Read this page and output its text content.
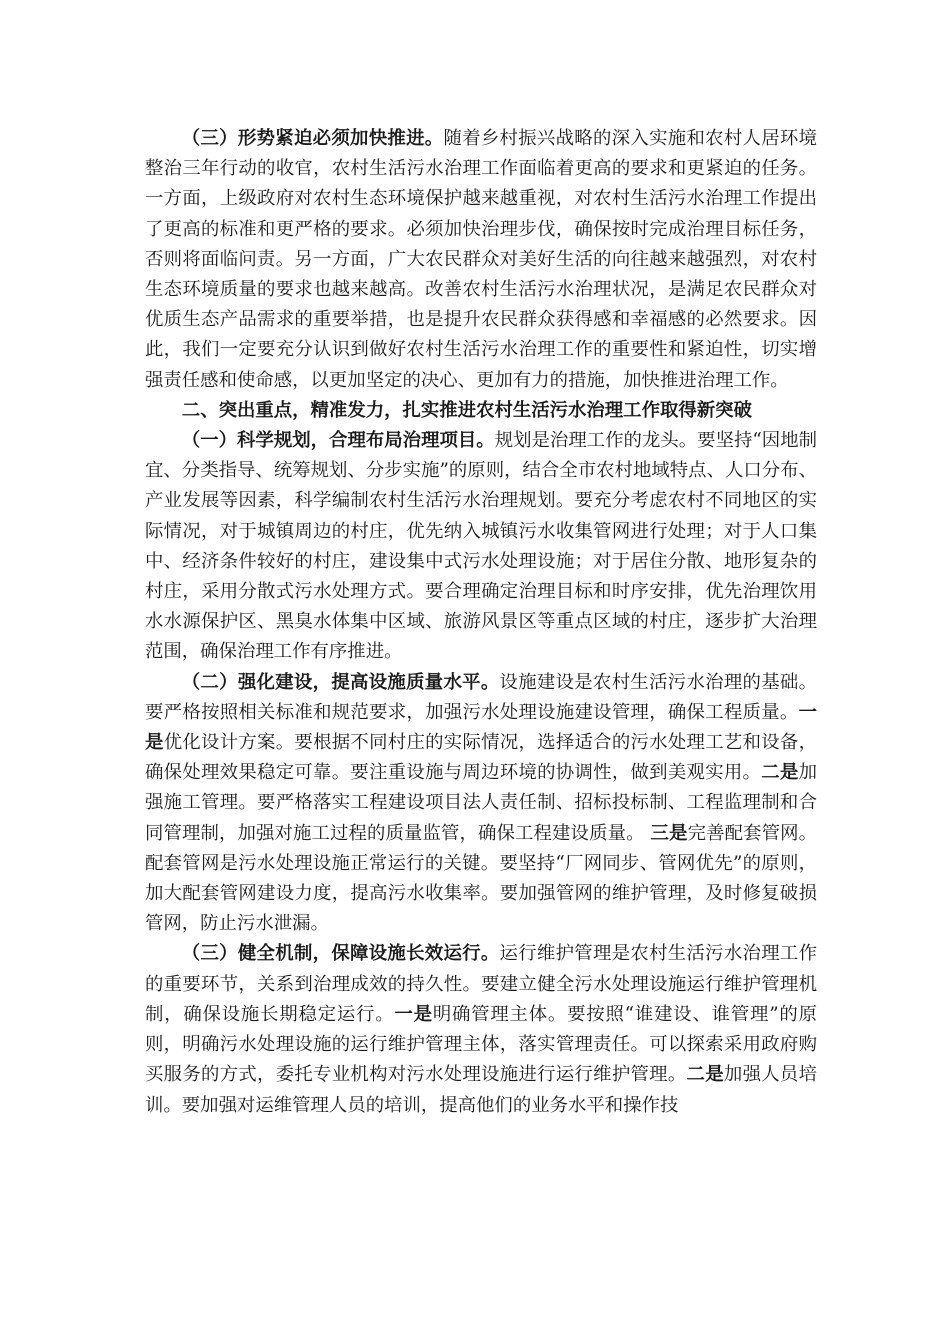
（三）形势紧迫必须加快推进。随着乡村振兴战略的深入实施和农村人居环境整治三年行动的收官，农村生活污水治理工作面临着更高的要求和更紧迫的任务。一方面，上级政府对农村生态环境保护越来越重视，对农村生活污水治理工作提出了更高的标准和更严格的要求。必须加快治理步伐，确保按时完成治理目标任务，否则将面临问责。另一方面，广大农民群众对美好生活的向往越来越强烈，对农村生态环境质量的要求也越来越高。改善农村生活污水治理状况，是满足农民群众对优质生态产品需求的重要举措，也是提升农民群众获得感和幸福感的必然要求。因此，我们一定要充分认识到做好农村生活污水治理工作的重要性和紧迫性，切实增强责任感和使命感，以更加坚定的决心、更加有力的措施，加快推进治理工作。

二、突出重点，精准发力，扎实推进农村生活污水治理工作取得新突破

（一）科学规划，合理布局治理项目。规划是治理工作的龙头。要坚持“因地制宜、分类指导、统筹规划、分步实施”的原则，结合全市农村地域特点、人口分布、产业发展等因素，科学编制农村生活污水治理规划。要充分考虑农村不同地区的实际情况，对于城镇周边的村庄，优先纳入城镇污水收集管网进行处理；对于人口集中、经济条件较好的村庄，建设集中式污水处理设施；对于居住分散、地形复杂的村庄，采用分散式污水处理方式。要合理确定治理目标和时序安排，优先治理饮用水水源保护区、黑臭水体集中区域、旅游风景区等重点区域的村庄，逐步扩大治理范围，确保治理工作有序推进。

（二）强化建设，提高设施质量水平。设施建设是农村生活污水治理的基础。要严格按照相关标准和规范要求，加强污水处理设施建设管理，确保工程质量。一是优化设计方案。要根据不同村庄的实际情况，选择适合的污水处理工艺和设备，确保处理效果稳定可靠。要注重设施与周边环境的协调性，做到美观实用。二是加强施工管理。要严格落实工程建设项目法人责任制、招标投标制、工程监理制和合同管理制，加强对施工过程的质量监管，确保工程建设质量。 三是完善配套管网。配套管网是污水处理设施正常运行的关键。要坚持“厂网同步、管网优先”的原则，加大配套管网建设力度，提高污水收集率。要加强管网的维护管理，及时修复破损管网，防止污水泄漏。

（三）健全机制，保障设施长效运行。运行维护管理是农村生活污水治理工作的重要环节，关系到治理成效的持久性。要建立健全污水处理设施运行维护管理机制，确保设施长期稳定运行。一是明确管理主体。要按照“谁建设、谁管理”的原则，明确污水处理设施的运行维护管理主体，落实管理责任。可以探索采用政府购买服务的方式，委托专业机构对污水处理设施进行运行维护管理。二是加强人员培训。要加强对运维管理人员的培训，提高他们的业务水平和操作技
